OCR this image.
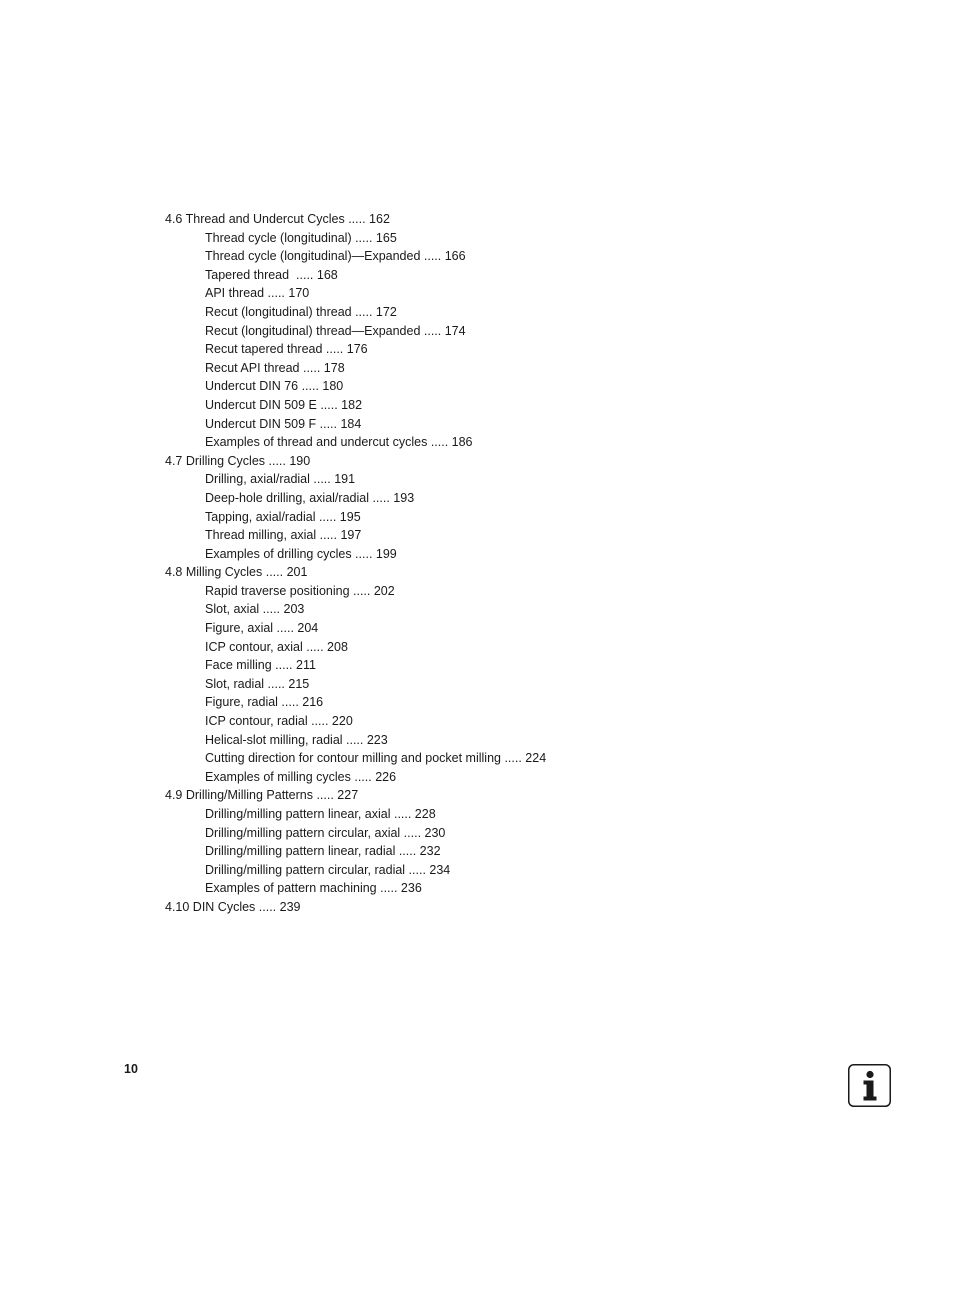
4.6 Thread and Undercut Cycles ..... 162
Thread cycle (longitudinal) ..... 165
Thread cycle (longitudinal)—Expanded ..... 166
Tapered thread  ..... 168
API thread ..... 170
Recut (longitudinal) thread ..... 172
Recut (longitudinal) thread—Expanded ..... 174
Recut tapered thread ..... 176
Recut API thread ..... 178
Undercut DIN 76 ..... 180
Undercut DIN 509 E ..... 182
Undercut DIN 509 F ..... 184
Examples of thread and undercut cycles ..... 186
4.7 Drilling Cycles ..... 190
Drilling, axial/radial ..... 191
Deep-hole drilling, axial/radial ..... 193
Tapping, axial/radial ..... 195
Thread milling, axial ..... 197
Examples of drilling cycles ..... 199
4.8 Milling Cycles ..... 201
Rapid traverse positioning ..... 202
Slot, axial ..... 203
Figure, axial ..... 204
ICP contour, axial ..... 208
Face milling ..... 211
Slot, radial ..... 215
Figure, radial ..... 216
ICP contour, radial ..... 220
Helical-slot milling, radial ..... 223
Cutting direction for contour milling and pocket milling ..... 224
Examples of milling cycles ..... 226
4.9 Drilling/Milling Patterns ..... 227
Drilling/milling pattern linear, axial ..... 228
Drilling/milling pattern circular, axial ..... 230
Drilling/milling pattern linear, radial ..... 232
Drilling/milling pattern circular, radial ..... 234
Examples of pattern machining ..... 236
4.10 DIN Cycles ..... 239
10
